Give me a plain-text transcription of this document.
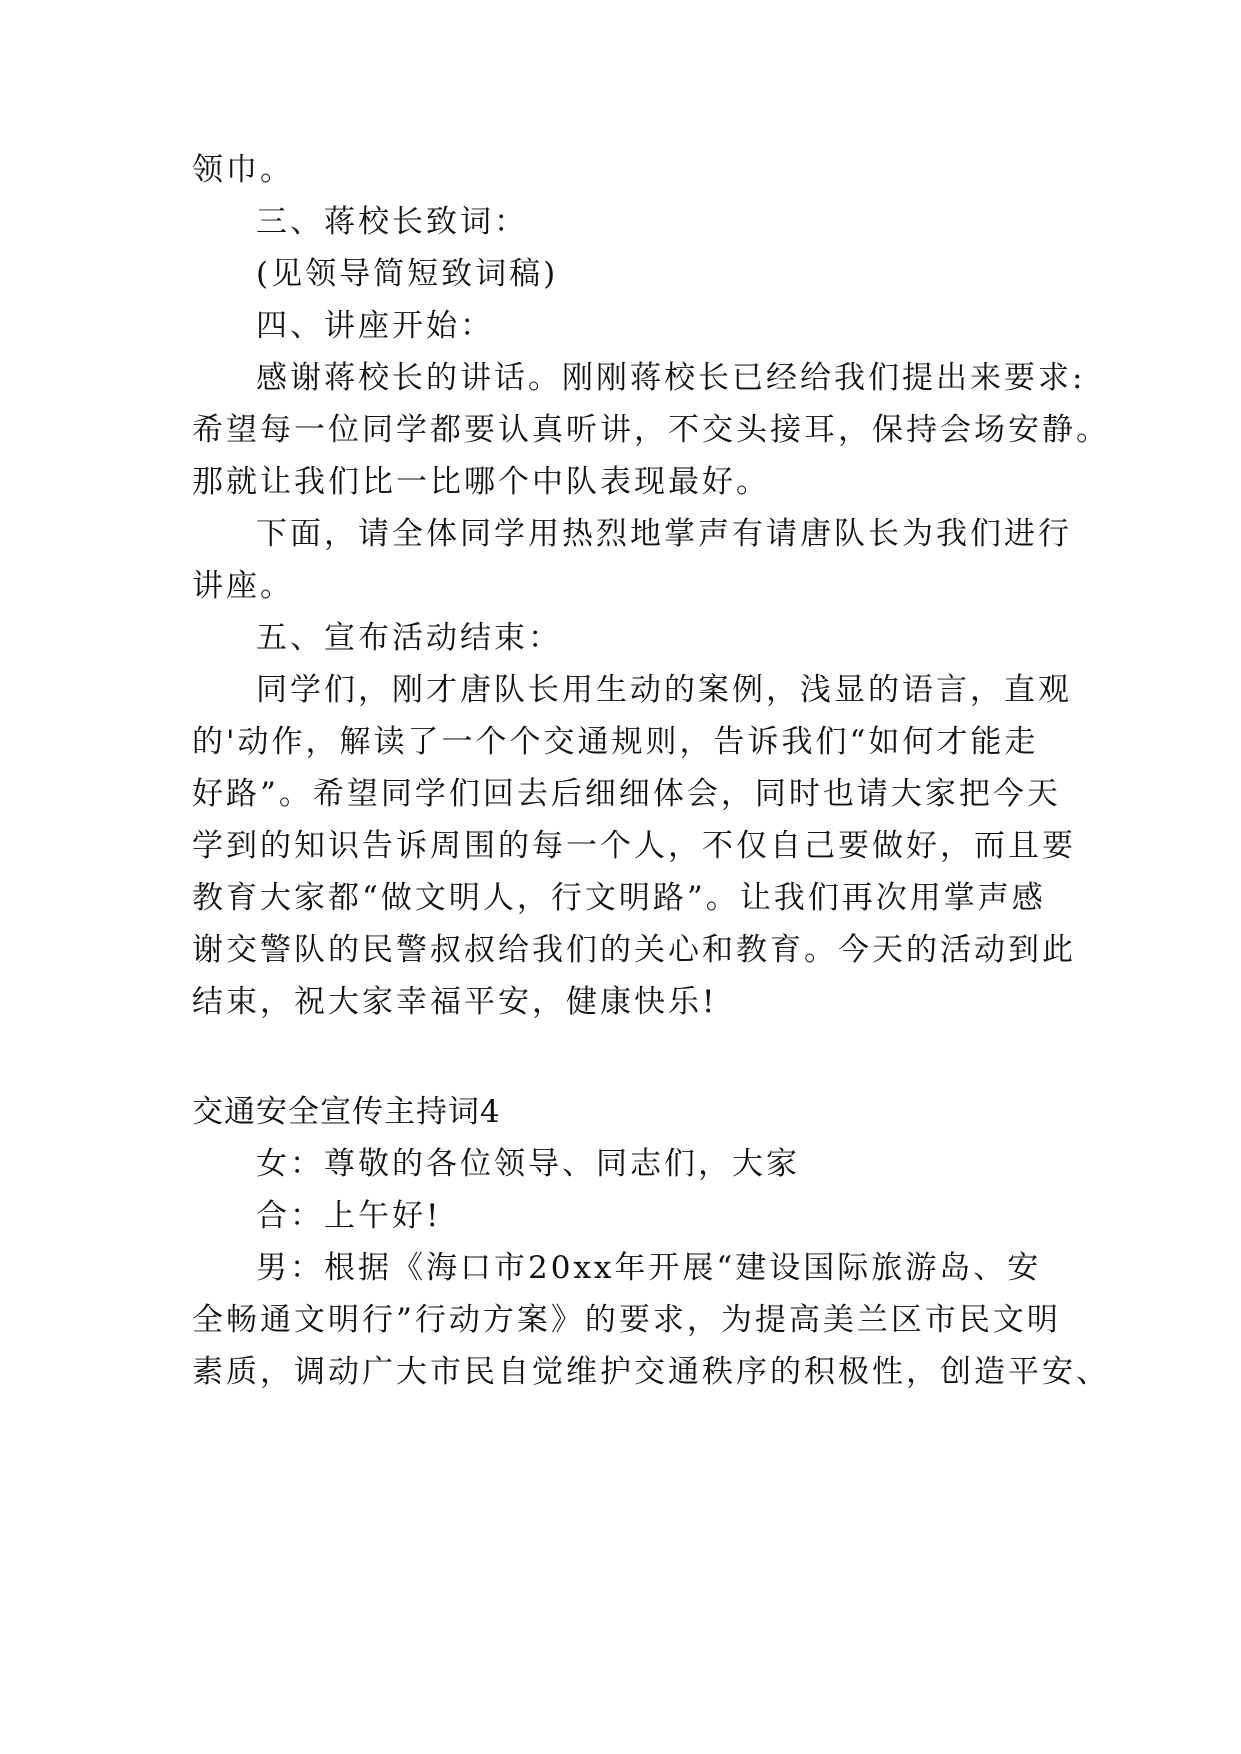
领巾。
三、蒋校长致词：
(见领导简短致词稿)
四、讲座开始：
感谢蒋校长的讲话。刚刚蒋校长已经给我们提出来要求:
希望每一位同学都要认真听讲，不交头接耳，保持会场安静。
那就让我们比一比哪个中队表现最好。
下面，请全体同学用热烈地掌声有请唐队长为我们进行
讲座。
五、宣布活动结束：
同学们，刚才唐队长用生动的案例，浅显的语言，直观
的'动作，解读了一个个交通规则，告诉我们“如何才能走
好路”。希望同学们回去后细细体会，同时也请大家把今天
学到的知识告诉周围的每一个人，不仅自己要做好，而且要
教育大家都“做文明人，行文明路”。让我们再次用掌声感
谢交警队的民警叔叔给我们的关心和教育。今天的活动到此
结束，祝大家幸福平安，健康快乐!
交通安全宣传主持词4
女：尊敬的各位领导、同志们，大家
合：上午好!
男：根据《海口市20xx年开展“建设国际旅游岛、安
全畅通文明行”行动方案》的要求，为提高美兰区市民文明
素质，调动广大市民自觉维护交通秩序的积极性，创造平安、
